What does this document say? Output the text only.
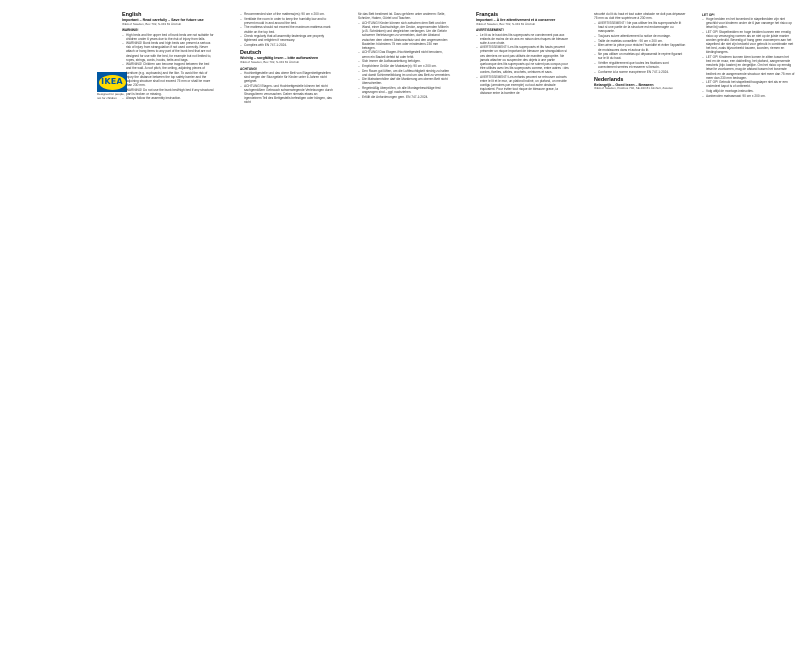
IKEA
Designed for people, not for children
English
Important – Read carefully – Save for future use
IKEA of Sweden, Box 702, S-343 81 Älmhult
WARNING!
– High beds and the upper bed of bunk beds are not suitable for children under 6 years due to the risk of injury from falls.
– WARNING! Bunk beds and high beds can present a serious risk of injury from strangulation if not used correctly. Never attach or hang items to any part of the bunk bed that are not designed for use with the bed, for example but not limited to, ropes, strings, cords, hooks, belts and bags.
– WARNING! Children can become trapped between the bed and the wall. A roof pitch, the ceiling, adjoining pieces of furniture (e.g. cupboards) and the like. To avoid the risk of injury the distance between the top safety barrier and the adjoining structure shall not exceed 75 mm or shall be more than 230 mm.
– WARNING! Do not use the bunk bed/high bed if any structural part is broken or missing.
– Always follow the assembly instruction.
– Recommended size of the mattress(es): 90 cm x 200 cm.
– Ventilate the room in order to keep the humidity low and to prevent mould in and around the bed.
– The mattress should not exceed the maximum mattress mark visible on the top bed.
– Check regularly that all assembly fastenings are properly tightened and retighten if necessary.
– Complies with EN 747-1:2024.
Deutsch
Wichtig – sorgfältig lesen – bitte aufbewahren
IKEA of Sweden, Box 702, S-343 81 Älmhult
ACHTUNG!
– Hochbettgestelle und das obere Bett von Etagenbettgestellen sind wegen der Sturzgefahr für Kinder unter 6 Jahren nicht geeignet.
– ACHTUNG! Etagen- und Hochbettgestelle können bei nicht sachgemäßem Gebrauch schwerwiegende Verletzungen durch Strangulieren verursachen. Daher niemals etwas an irgendeinem Teil des Bettgestells befestigen oder hängen, das nicht
für das Bett bestimmt ist. Dazu gehören unter anderem: Seile, Schnüre, Haken, Gürtel und Taschen.
– ACHTUNG! Kinder können sich zwischen dem Bett und der Wand, einer Dachschräge, der Decke, angrenzenden Möbeln (z.B. Schränken) und dergleichen verfangen. Um die Gefahr schwerer Verletzungen zu vermeiden, darf der Abstand zwischen dem oberen Absturzschutz und den angrenzenden Bauteilen höchstens 75 mm oder mindestens 230 mm betragen.
– ACHTUNG! Das Etagen-/Hochbettgestell nicht benutzen, wenn ein Bauteil defekt ist oder fehlt.
– Sich immer die Aufbauanleitung befolgen.
– Empfohlene Größe der Matratze(n): 90 cm x 200 cm.
– Den Raum gut lüften, um die Luftfeuchtigkeit niedrig zu halten und damit Schimmelbildung im und um das Bett zu vermeiden.
– Die Matratzenhöhe darf die Markierung am oberen Bett nicht überschreiten.
– Regelmäßig überprüfen, ob alle Montagebeschläge fest angezogen sind – ggf. nachziehen.
– Erfüllt die Anforderungen gem. EN 747-1:2024.
Français
Important – À lire attentivement et à conserver
IKEA of Sweden, Box 702, S-343 81 Älmhult
AVERTISSEMENT!
– Le lit ou le haut des lits superposés ne conviennent pas aux enfants de moins de six ans en raison des risques de blessure suite à une chute.
– AVERTISSEMENT! Les lits superposés et lits hauts peuvent présenter un risque important de blessure par strangulation si ces derniers ne sont pas utilisés de manière appropriée. Ne jamais attacher ou suspendre des objets à une partie quelconque des lits superposés qui ne soient pas conçus pour être utilisés avec les lits superposés comme, entre autres : des cordes, ficelles, câbles, crochets, ceintures et sacs.
– AVERTISSEMENT! Les enfants peuvent se retrouver coincés entre le lit et le mur, un plafond incliné, un plafond, un meuble contigu (armoires par exemple) ou tout autre obstacle équivalent. Pour éviter tout risque de blessure grave, la distance entre la barrière de
sécurité du lit du haut et tout autre obstacle ne doit pas dépasser 75 mm ou doit être supérieure à 230 mm.
– AVERTISSEMENT ! Ne pas utiliser les lits superposés/le lit haut si une partie de la structure est endommagée ou manquante.
– Toujours suivre attentivement la notice de montage.
– Taille de matelas conseillée : 90 cm x 200 cm.
– Bien aérer la pièce pour réduire l'humidité et éviter l'apparition de moisissures dans et autour du lit.
– Ne pas utiliser un matelas qui dépasserait le repère figurant sur le lit du haut.
– Vérifier régulièrement que toutes les fixations sont correctement serrées et resserrer si besoin.
– Conforme à la norme européenne EN 747-1:2024.
Nederlands
Belangrijk – Goed lezen – Bewaren
IKEA of Sweden, Postbus 702, SE-343 81 Älmhult, Zweden
LET OP!
– Hoge bedden en het bovenbed in stapelbedden zijn niet geschikt voor kinderen onder de 6 jaar vanwege het risico op letsel bij vallen.
– LET OP! Stapelbedden en hoge bedden kunnen een ernstig risico op verwurging vormen als ze niet op de juiste manier worden gebruikt. Bevestig of hang geen voorwerpen aan het stapelbed die niet zijn bedoeld voor gebruik in combinatie met het bed, zoals bijvoorbeeld touwen, koorden, riemen en kledinghangers.
– LET OP! Kinderen kunnen klem komen te zitten tussen het bed en de muur, een dakhelling, het plafond, aangrenzende meubels (bijv. kasten) en dergelijke. Om het risico op ernstig letsel te voorkomen, mag de afstand tussen het bovenste bedhek en de aangrenzende structuur niet meer dan 75 mm of meer dan 230 mm bedragen.
– LET OP! Gebruik het stapelbed/hoogslaper niet als er een onderdeel kapot is of ontbreekt.
– Volg altijd de montage-instructies.
– Aanbevolen matrasmaat: 90 cm x 200 cm.
